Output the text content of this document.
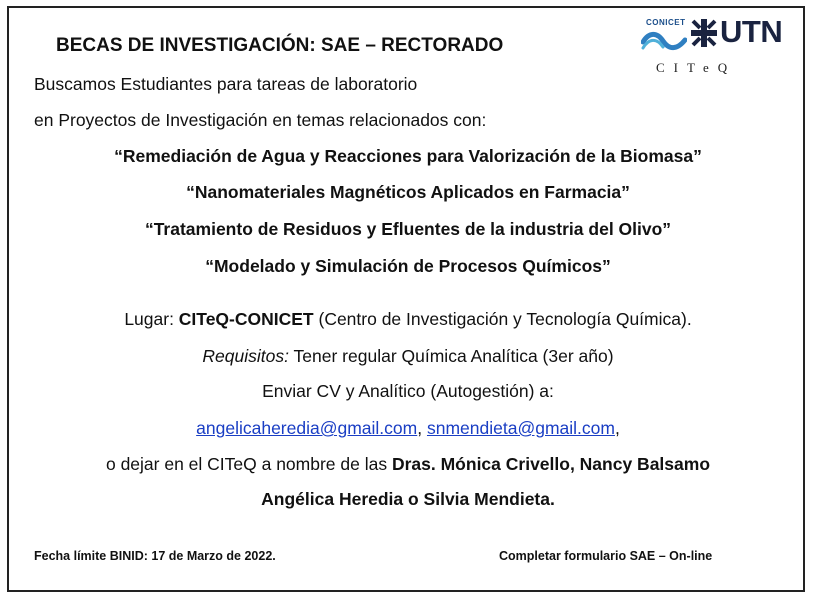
CONICET UTN
CITeQ
BECAS DE INVESTIGACIÓN: SAE – RECTORADO
Buscamos Estudiantes para tareas de laboratorio
en Proyectos de Investigación en temas relacionados con:
“Remediación de Agua y Reacciones para Valorización de la Biomasa”
“Nanomateriales Magnéticos Aplicados en Farmacia”
“Tratamiento de Residuos y Efluentes de la industria del Olivo”
“Modelado y Simulación de Procesos Químicos”
Lugar: CITeQ-CONICET (Centro de Investigación y Tecnología Química).
Requisitos: Tener regular Química Analítica (3er año)
Enviar CV y Analítico (Autogestión) a:
angelicaheredia@gmail.com, snmendieta@gmail.com,
o dejar en el CITeQ a nombre de las Dras. Mónica Crivello, Nancy Balsamo
Angélica Heredia o Silvia Mendieta.
Fecha límite BINID: 17 de Marzo de 2022.	Completar formulario SAE – On-line
